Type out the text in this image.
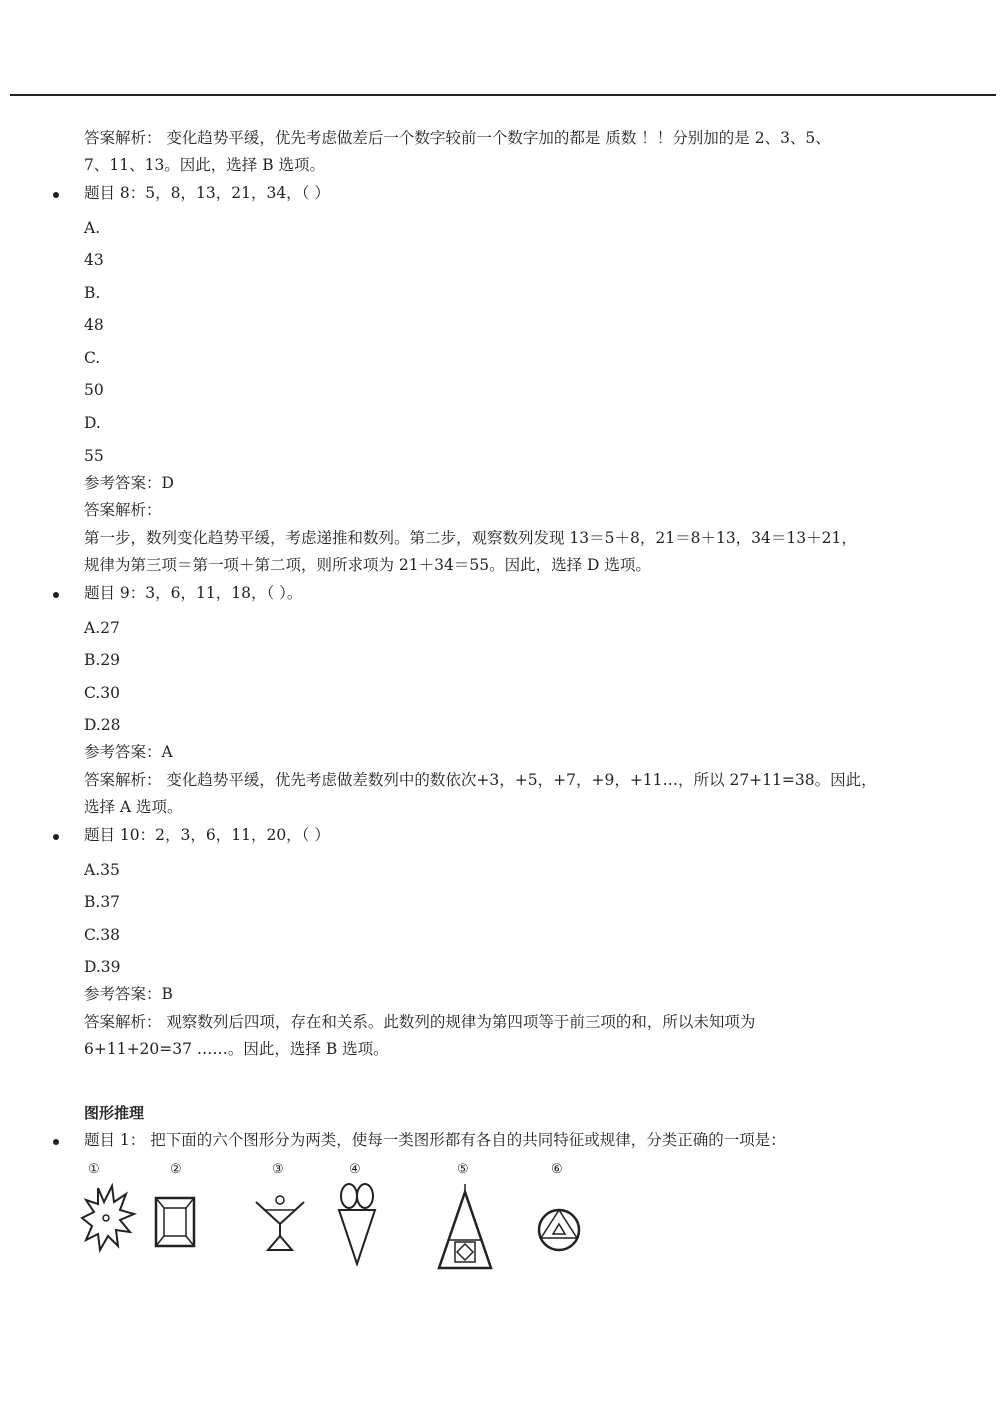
答案解析： 变化趋势平缓，优先考虑做差后一个数字较前一个数字加的都是 质数 ！！分别加的是 2、3、5、
7、11、13。因此，选择 B 选项。
题目 8：5，8，13，21，34，（ ）
A.
43
B.
48
C.
50
D.
55
参考答案：D
答案解析：
第一步，数列变化趋势平缓，考虑递推和数列。第二步，观察数列发现 13＝5＋8，21＝8＋13，34＝13＋21，
规律为第三项＝第一项＋第二项，则所求项为 21＋34＝55。因此，选择 D 选项。
题目 9：3，6，11，18，（ ）。
A.27
B.29
C.30
D.28
参考答案：A
答案解析： 变化趋势平缓，优先考虑做差数列中的数依次+3，+5，+7，+9，+11…，所以 27+11=38。因此，
选择 A 选项。
题目 10：2，3，6，11，20，（ ）
A.35
B.37
C.38
D.39
参考答案：B
答案解析： 观察数列后四项，存在和关系。此数列的规律为第四项等于前三项的和，所以未知项为
6+11+20=37 ……。因此，选择 B 选项。
图形推理
题目 1： 把下面的六个图形分为两类，使每一类图形都有各自的共同特征或规律，分类正确的一项是：
①	②	③	④	⑤	⑥
